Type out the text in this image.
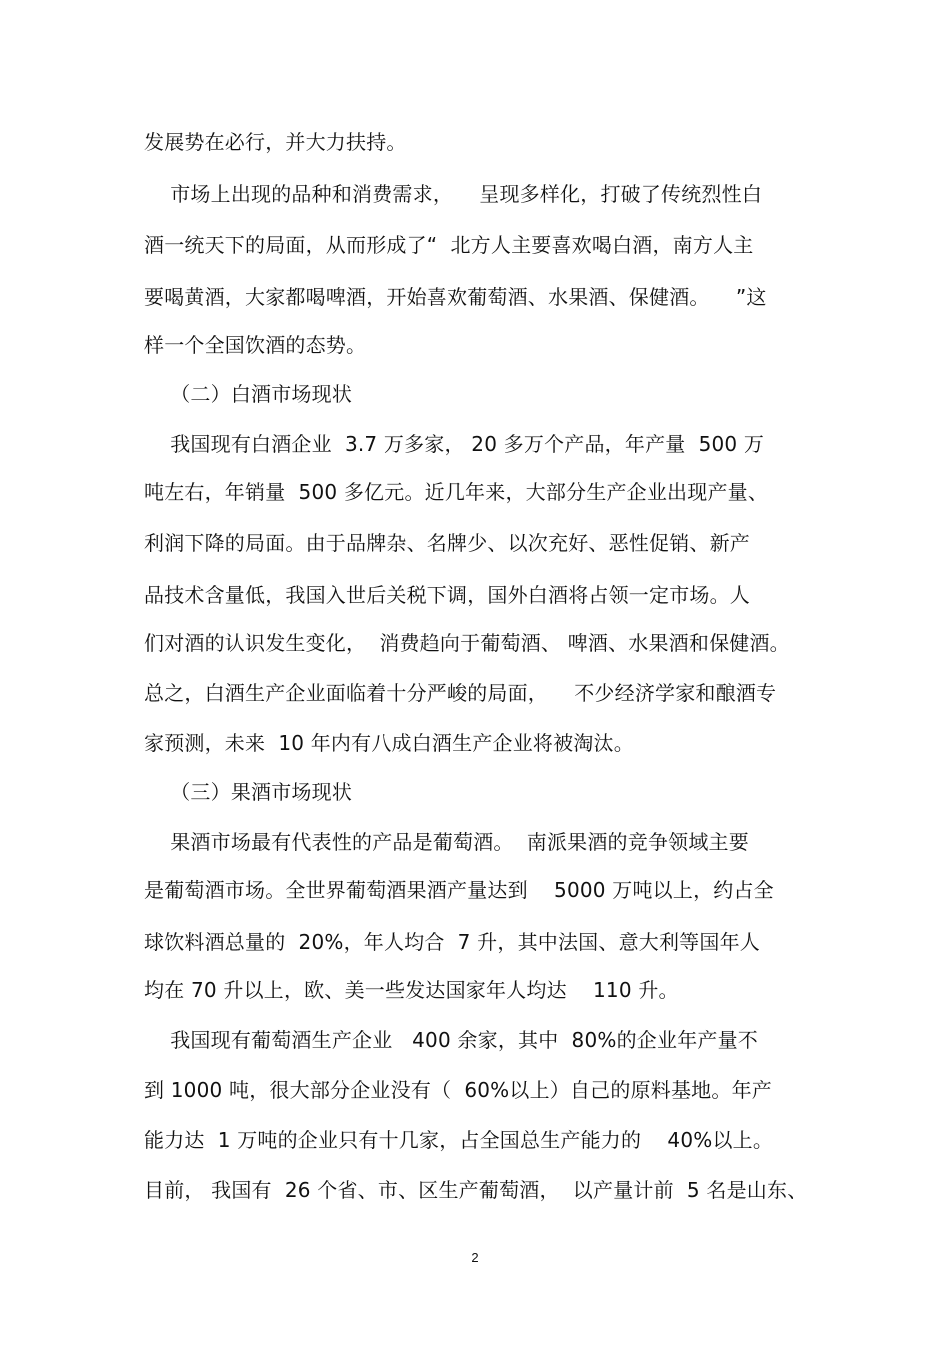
发展势在必行，并大力扶持。
市场上出现的品种和消费需求，    呈现多样化，打破了传统烈性白
酒一统天下的局面，从而形成了“  北方人主要喜欢喝白酒，南方人主
要喝黄酒，大家都喝啤酒，开始喜欢葡萄酒、水果酒、保健酒。    ”这
样一个全国饮酒的态势。
（二）白酒市场现状
我国现有白酒企业  3.7 万多家， 20 多万个产品，年产量  500 万
吨左右，年销量  500 多亿元。近几年来，大部分生产企业出现产量、
利润下降的局面。由于品牌杂、名牌少、以次充好、恶性促销、新产
品技术含量低，我国入世后关税下调，国外白酒将占领一定市场。人
们对酒的认识发生变化，  消费趋向于葡萄酒、 啤酒、水果酒和保健酒。
总之，白酒生产企业面临着十分严峻的局面，    不少经济学家和酿酒专
家预测，未来  10 年内有八成白酒生产企业将被淘汰。
（三）果酒市场现状
果酒市场最有代表性的产品是葡萄酒。  南派果酒的竞争领域主要
是葡萄酒市场。全世界葡萄酒果酒产量达到    5000 万吨以上，约占全
球饮料酒总量的  20%，年人均合  7 升，其中法国、意大利等国年人
均在 70 升以上，欧、美一些发达国家年人均达    110 升。
我国现有葡萄酒生产企业   400 余家，其中  80%的企业年产量不
到 1000 吨，很大部分企业没有（  60%以上）自己的原料基地。年产
能力达  1 万吨的企业只有十几家，占全国总生产能力的    40%以上。
目前， 我国有  26 个省、市、区生产葡萄酒，  以产量计前  5 名是山东、
2
